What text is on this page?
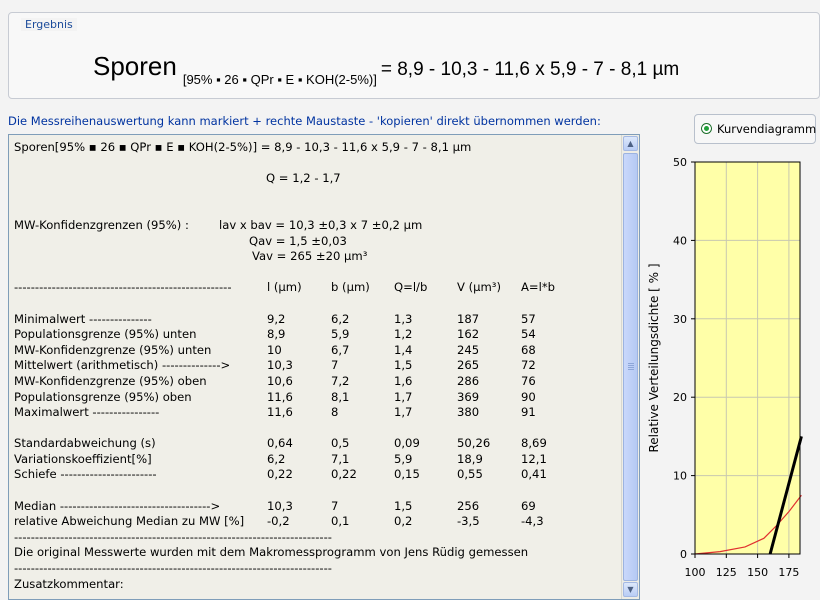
Ergebnis
Sporen $_{[95\% ▪ 26 ▪ QPr ▪ E ▪ KOH(2-5\%)]}$ = 8,9 - 10,3 - 11,6 x 5,9 - 7 - 8,1 µm
Die Messreihenauswertung kann markiert + rechte Maustaste - 'kopieren' direkt übernommen werden:
Sporen[95% ▪ 26 ▪ QPr ▪ E ▪ KOH(2-5%)] = 8,9 - 10,3 - 11,6 x 5,9 - 7 - 8,1 µm
Q = 1,2 - 1,7
MW-Konfidenzgrenzen (95%) :	lav x bav = 10,3 ±0,3 x 7 ±0,2 µm
Qav = 1,5 ±0,03
Vav = 265 ±20 µm³
----------------------------------------------------	l (µm)	b (µm) Q=l/b	V (µm³) A=l*b
Minimalwert ---------------	9,2	6,2	1,3	187	57
Populationsgrenze (95%) unten	8,9	5,9	1,2	162	54
MW-Konfidenzgrenze (95%) unten	10	6,7	1,4	245	68
Mittelwert (arithmetisch) -------------->	10,3	7	1,5	265	72
MW-Konfidenzgrenze (95%) oben	10,6	7,2	1,6	286	76
Populationsgrenze (95%) oben	11,6	8,1	1,7	369	90
Maximalwert ----------------	11,6	8	1,7	380	91
Standardabweichung (s)	0,64	0,5	0,09	50,26	8,69
Variationskoeffizient[%]	6,2	7,1	5,9	18,9	12,1
Schiefe -----------------------	0,22	0,22	0,15	0,55	0,41
Median ------------------------------------>	10,3	7	1,5	256	69
relative Abweichung Median zu MW [%] -0,2	0,1	0,2	-3,5	-4,3
----------------------------------------------------------------------------
Die original Messwerte wurden mit dem Makromessprogramm von Jens Rüdig gemessen
----------------------------------------------------------------------------
Zusatzkommentar:
▲
▼
Kurvendiagramm
0
10
20
30
40
50
100 125 150 175
Relative Verteilungsdichte [ % ]
